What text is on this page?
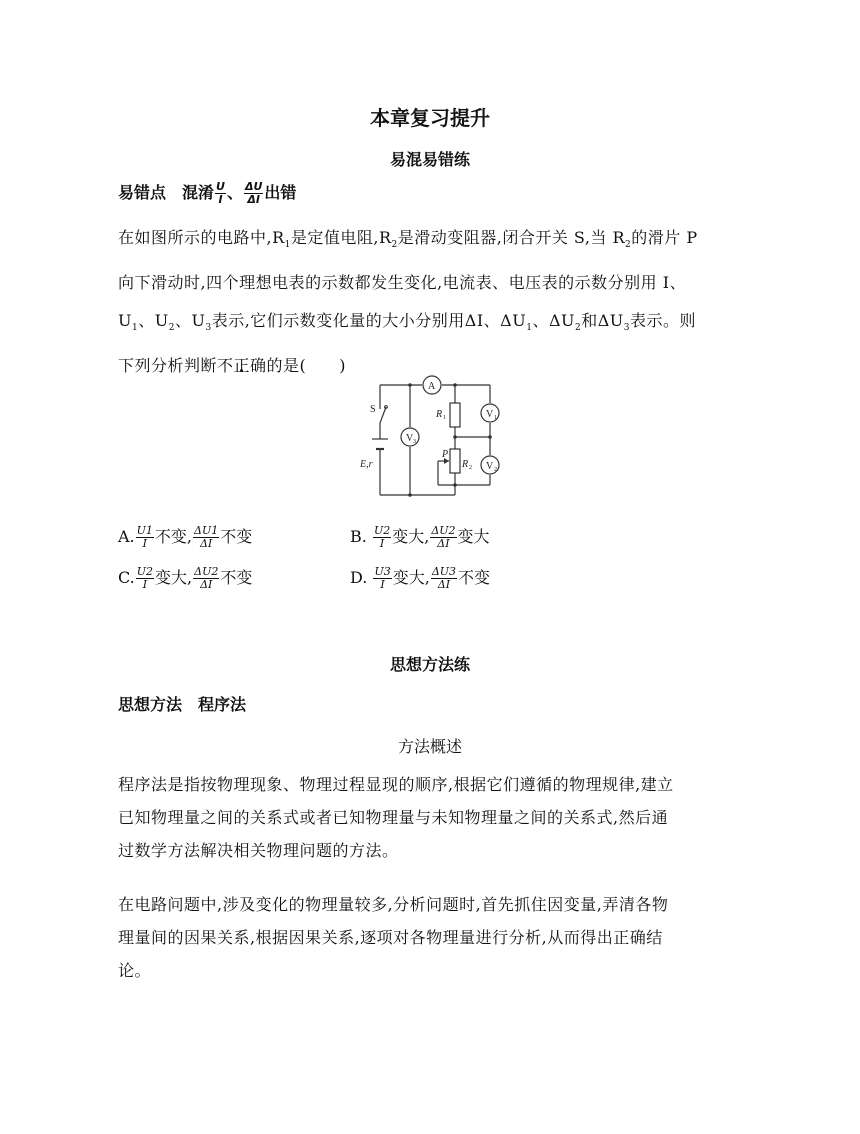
本章复习提升
易混易错练
易错点　混淆 $\frac{U}{I}$ 、 $\frac{\Delta U}{\Delta I}$ 出错
在如图所示的电路中$,R_1$是定值电阻$,R_2$是滑动变阻器,闭合开关 S,当 $R_2$的滑片 P
向下滑动时,四个理想电表的示数都发生变化,电流表、电压表的示数分别用 I、
$U_1$、$U_2$、$U_3$表示,它们示数变化量的大小分别用ΔI、$\Delta U_1$、$\Delta U_2$和$\Delta U_3$表示。则
下列分析判断不正确的是(　　)
A
S
E,r
V
V
V
R
R
P
1
2
3
1
2
A. $\frac{U1}{I}$ 不变, $\frac{\Delta U1}{\Delta I}$ 不变	B. $\frac{U2}{I}$ 变大, $\frac{\Delta U2}{\Delta I}$ 变大
C. $\frac{U2}{I}$ 变大, $\frac{\Delta U2}{\Delta I}$ 不变	D. $\frac{U3}{I}$ 变大, $\frac{\Delta U3}{\Delta I}$ 不变
思想方法练
思想方法　程序法
方法概述
程序法是指按物理现象、物理过程显现的顺序,根据它们遵循的物理规律,建立
已知物理量之间的关系式或者已知物理量与未知物理量之间的关系式,然后通
过数学方法解决相关物理问题的方法。
在电路问题中,涉及变化的物理量较多,分析问题时,首先抓住因变量,弄清各物
理量间的因果关系,根据因果关系,逐项对各物理量进行分析,从而得出正确结
论。
